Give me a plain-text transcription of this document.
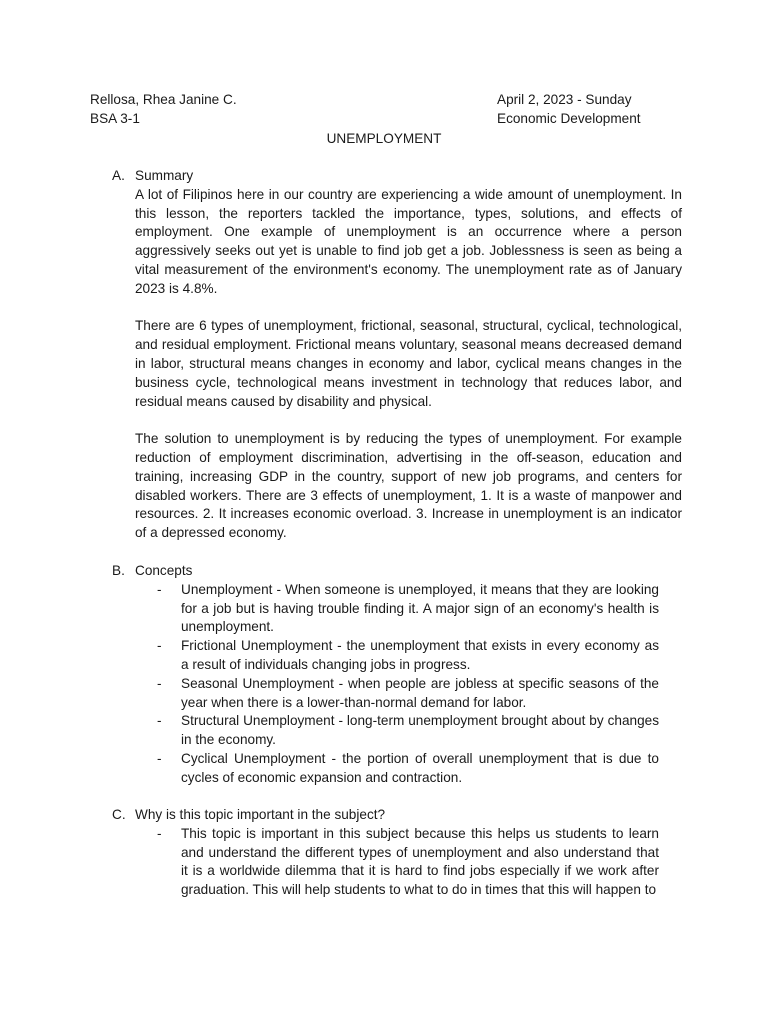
Rellosa, Rhea Janine C.
BSA 3-1
April 2, 2023 - Sunday
Economic Development
UNEMPLOYMENT
A. Summary
A lot of Filipinos here in our country are experiencing a wide amount of unemployment. In this lesson, the reporters tackled the importance, types, solutions, and effects of employment. One example of unemployment is an occurrence where a person aggressively seeks out yet is unable to find job get a job. Joblessness is seen as being a vital measurement of the environment's economy. The unemployment rate as of January 2023 is 4.8%.
There are 6 types of unemployment, frictional, seasonal, structural, cyclical, technological, and residual employment. Frictional means voluntary, seasonal means decreased demand in labor, structural means changes in economy and labor, cyclical means changes in the business cycle, technological means investment in technology that reduces labor, and residual means caused by disability and physical.
The solution to unemployment is by reducing the types of unemployment. For example reduction of employment discrimination, advertising in the off-season, education and training, increasing GDP in the country, support of new job programs, and centers for disabled workers. There are 3 effects of unemployment, 1. It is a waste of manpower and resources. 2. It increases economic overload. 3. Increase in unemployment is an indicator of a depressed economy.
B. Concepts
-	Unemployment - When someone is unemployed, it means that they are looking for a job but is having trouble finding it. A major sign of an economy's health is unemployment.
-	Frictional Unemployment - the unemployment that exists in every economy as a result of individuals changing jobs in progress.
-	Seasonal Unemployment - when people are jobless at specific seasons of the year when there is a lower-than-normal demand for labor.
-	Structural Unemployment - long-term unemployment brought about by changes in the economy.
-	Cyclical Unemployment - the portion of overall unemployment that is due to cycles of economic expansion and contraction.
C. Why is this topic important in the subject?
-	This topic is important in this subject because this helps us students to learn and understand the different types of unemployment and also understand that it is a worldwide dilemma that it is hard to find jobs especially if we work after graduation. This will help students to what to do in times that this will happen to
